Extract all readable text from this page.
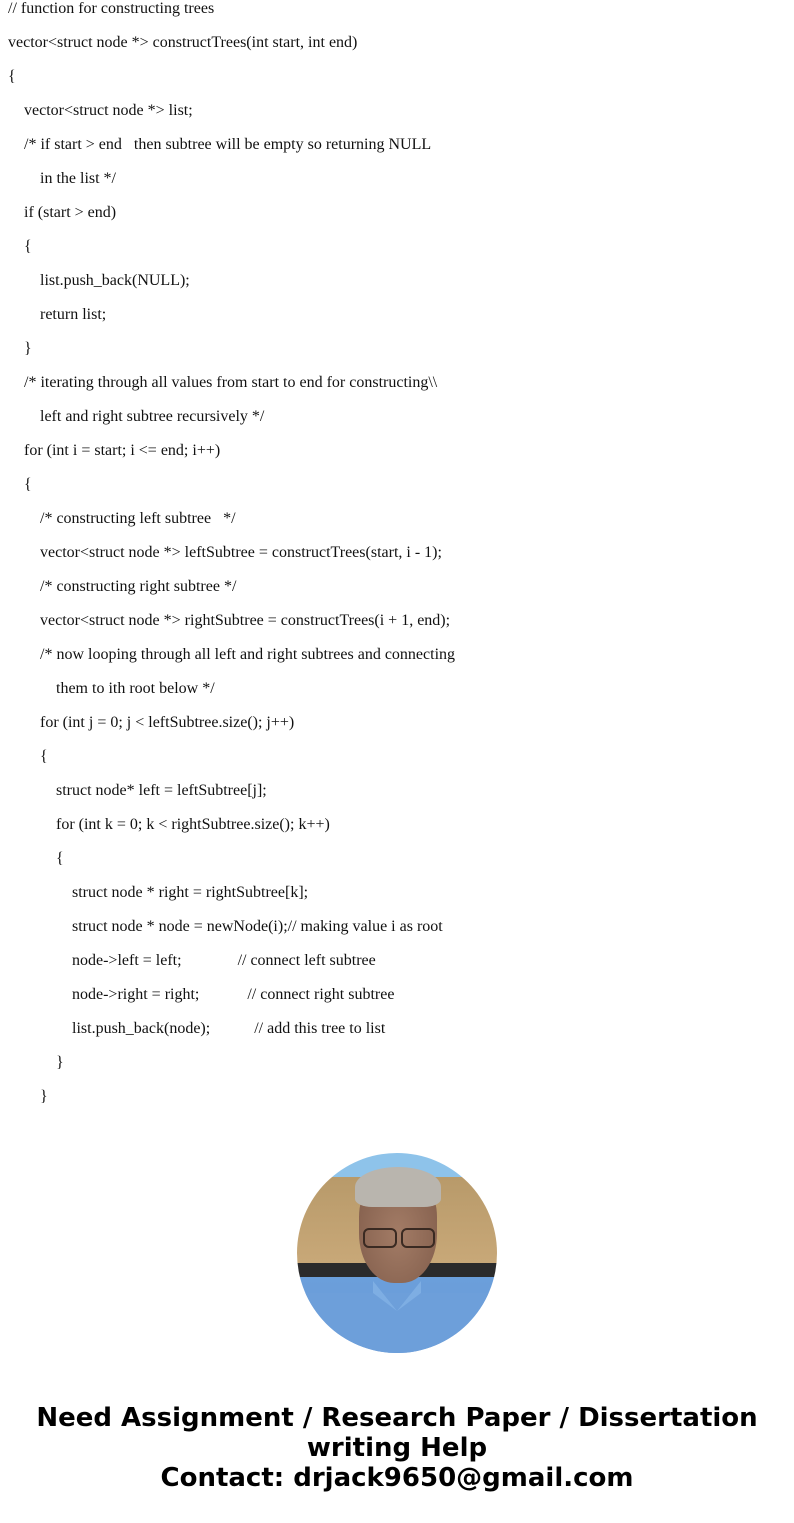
// function for constructing trees
vector<struct node *> constructTrees(int start, int end)
{
vector<struct node *> list;
/* if start > end   then subtree will be empty so returning NULL
in the list */
if (start > end)
{
list.push_back(NULL);
return list;
}
/* iterating through all values from start to end for constructing\\
left and right subtree recursively */
for (int i = start; i <= end; i++)
{
/* constructing left subtree   */
vector<struct node *> leftSubtree = constructTrees(start, i - 1);
/* constructing right subtree */
vector<struct node *> rightSubtree = constructTrees(i + 1, end);
/* now looping through all left and right subtrees and connecting
them to ith root below */
for (int j = 0; j < leftSubtree.size(); j++)
{
struct node* left = leftSubtree[j];
for (int k = 0; k < rightSubtree.size(); k++)
{
struct node * right = rightSubtree[k];
struct node * node = newNode(i);// making value i as root
node->left = left;              // connect left subtree
node->right = right;            // connect right subtree
list.push_back(node);           // add this tree to list
}
}
Need Assignment / Research Paper / Dissertation
writing Help
Contact: drjack9650@gmail.com
